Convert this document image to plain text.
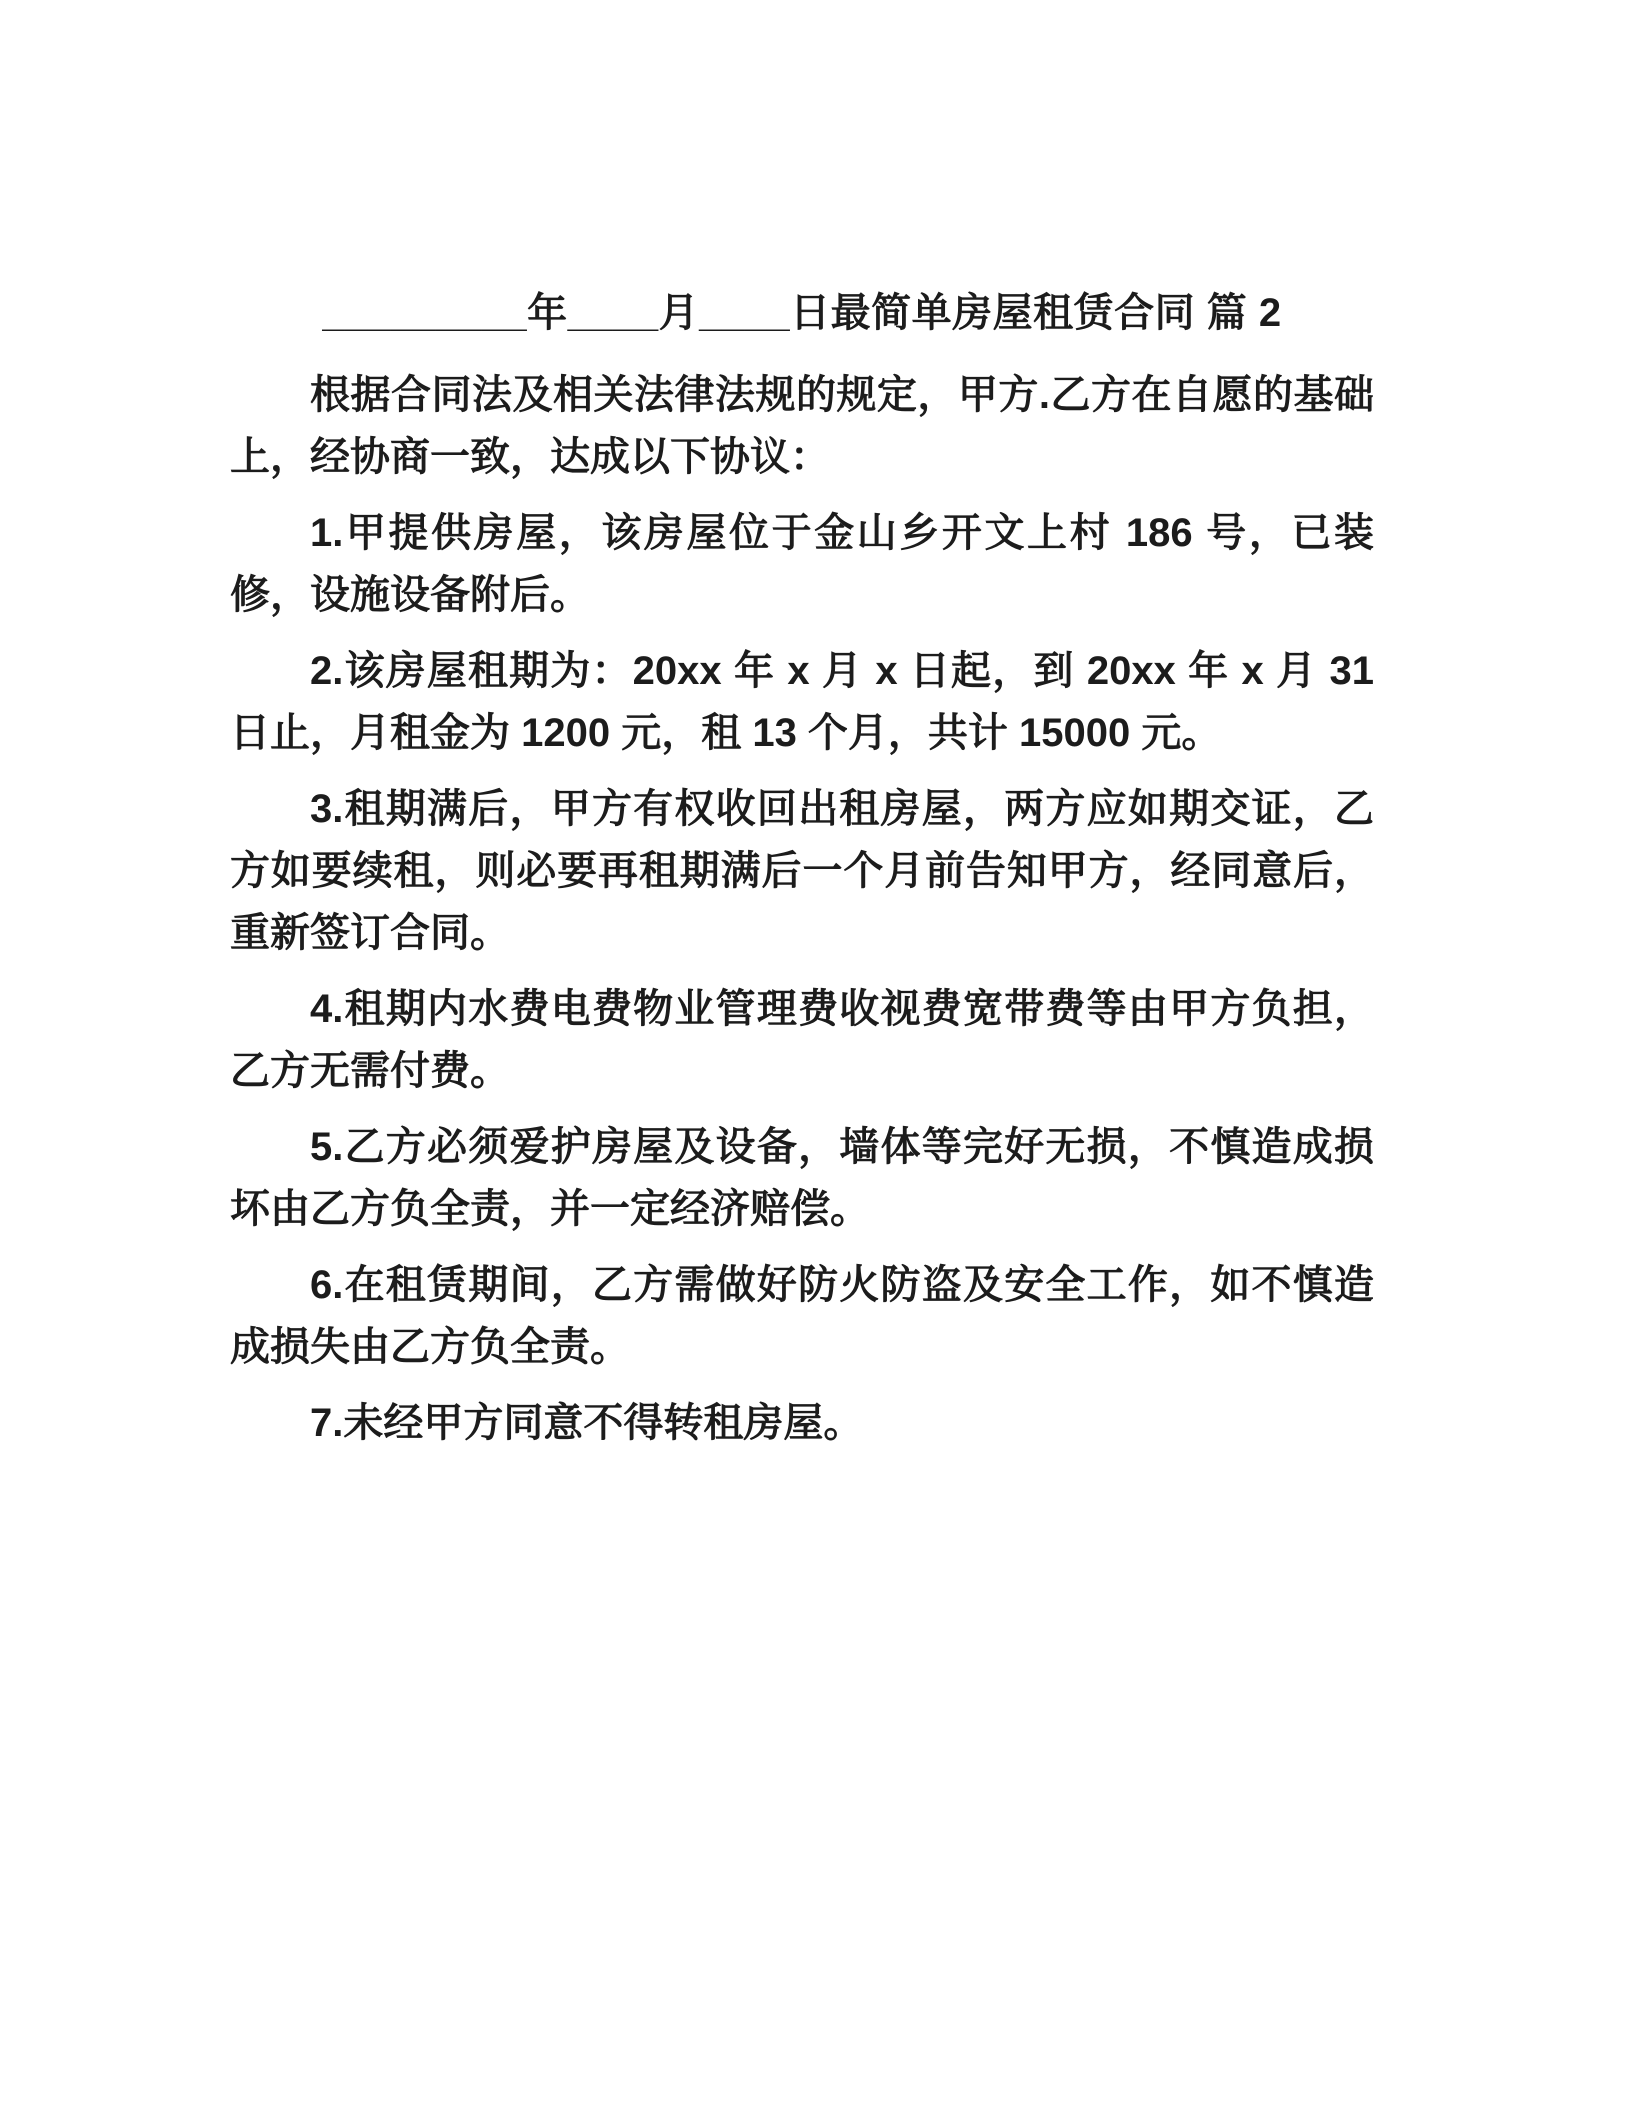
_________年____月____日最简单房屋租赁合同 篇 2

根据合同法及相关法律法规的规定，甲方.乙方在自愿的基础上，经协商一致，达成以下协议：

1.甲提供房屋，该房屋位于金山乡开文上村 186 号，已装修，设施设备附后。

2.该房屋租期为：20xx 年 x 月 x 日起，到 20xx 年 x 月 31 日止，月租金为 1200 元，租 13 个月，共计 15000 元。

3.租期满后，甲方有权收回出租房屋，两方应如期交证，乙方如要续租，则必要再租期满后一个月前告知甲方，经同意后，重新签订合同。

4.租期内水费电费物业管理费收视费宽带费等由甲方负担，乙方无需付费。

5.乙方必须爱护房屋及设备，墙体等完好无损，不慎造成损坏由乙方负全责，并一定经济赔偿。

6.在租赁期间，乙方需做好防火防盗及安全工作，如不慎造成损失由乙方负全责。

7.未经甲方同意不得转租房屋。
